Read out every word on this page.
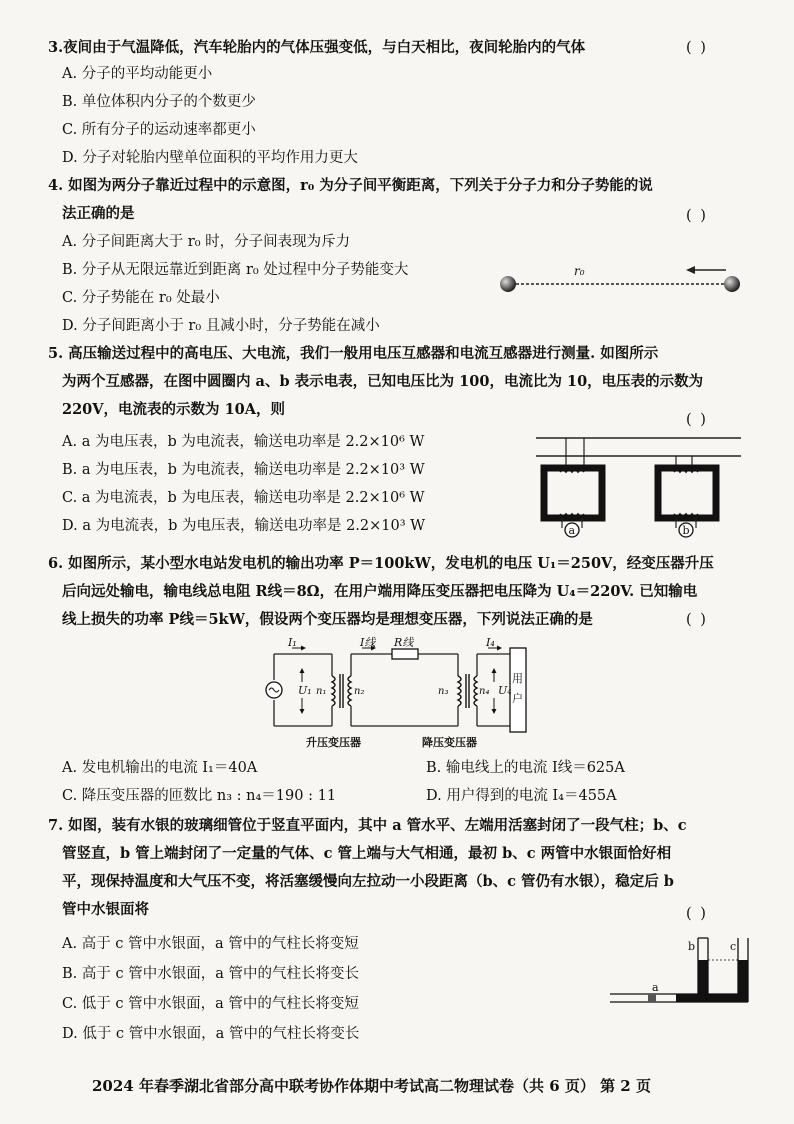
3.夜间由于气温降低，汽车轮胎内的气体压强变低，与白天相比，夜间轮胎内的气体	( )
A. 分子的平均动能更小
B. 单位体积内分子的个数更少
C. 所有分子的运动速率都更小
D. 分子对轮胎内壁单位面积的平均作用力更大
4. 如图为两分子靠近过程中的示意图，r₀ 为分子间平衡距离，下列关于分子力和分子势能的说
法正确的是	( )
A. 分子间距离大于 r₀ 时，分子间表现为斥力
B. 分子从无限远靠近到距离 r₀ 处过程中分子势能变大
C. 分子势能在 r₀ 处最小
D. 分子间距离小于 r₀ 且减小时，分子势能在减小
r₀
5. 高压输送过程中的高电压、大电流，我们一般用电压互感器和电流互感器进行测量. 如图所示
为两个互感器，在图中圆圈内 a、b 表示电表，已知电压比为 100，电流比为 10，电压表的示数为
220V，电流表的示数为 10A，则
( )
A. a 为电压表，b 为电流表，输送电功率是 2.2×10⁶ W
B. a 为电压表，b 为电流表，输送电功率是 2.2×10³ W
C. a 为电流表，b 为电压表，输送电功率是 2.2×10⁶ W
D. a 为电流表，b 为电压表，输送电功率是 2.2×10³ W	a	b
6. 如图所示，某小型水电站发电机的输出功率 P＝100kW，发电机的电压 U₁＝250V，经变压器升压
后向远处输电，输电线总电阻 R线＝8Ω，在用户端用降压变压器把电压降为 U₄＝220V. 已知输电
线上损失的功率 P线＝5kW，假设两个变压器均是理想变压器，下列说法正确的是	( )
I₁	I线 R线	I₄
U₁ n₁	n₂	n₃	n₄ U₄
用
户
升压变压器	降压变压器
A. 发电机输出的电流 I₁＝40A	B. 输电线上的电流 I线＝625A
C. 降压变压器的匝数比 n₃ : n₄＝190 : 11	D. 用户得到的电流 I₄＝455A
7. 如图，装有水银的玻璃细管位于竖直平面内，其中 a 管水平、左端用活塞封闭了一段气柱；b、c
管竖直，b 管上端封闭了一定量的气体、c 管上端与大气相通，最初 b、c 两管中水银面恰好相
平，现保持温度和大气压不变，将活塞缓慢向左拉动一小段距离（b、c 管仍有水银），稳定后 b
管中水银面将	( )
A. 高于 c 管中水银面，a 管中的气柱长将变短
B. 高于 c 管中水银面，a 管中的气柱长将变长
C. 低于 c 管中水银面，a 管中的气柱长将变短
D. 低于 c 管中水银面，a 管中的气柱长将变长
a
b	c
2024 年春季湖北省部分高中联考协作体期中考试高二物理试卷（共 6 页） 第 2 页
